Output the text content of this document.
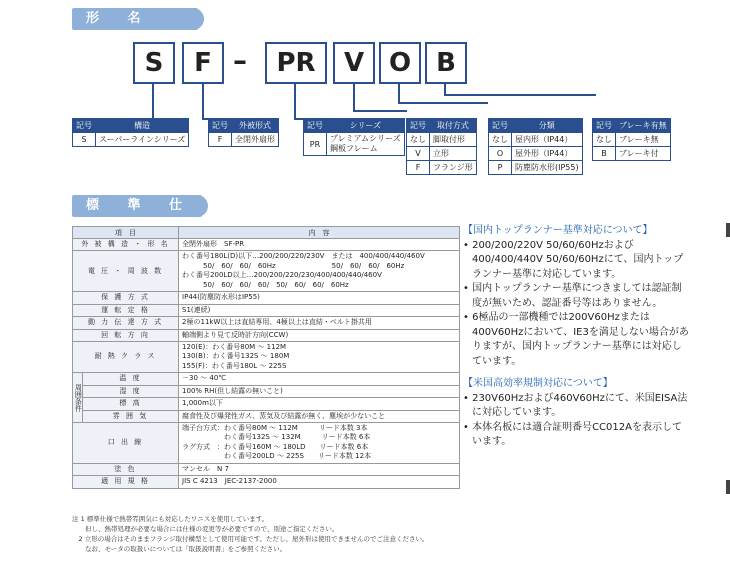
形 名
標 準 仕
S	F –	PR	V O B
記号	構造
S	スーパーラインシリーズ
記号	外被形式
F	全閉外扇形
記号	シリーズ
PR	プレミアムシリーズ
鋼板フレーム
記号	取付方式
なし	脚取付形
V	立形
F	フランジ形
記号	分類
なし	屋内形（IP44）
O	屋外形（IP44）
P	防塵防水形(IP55)
記号	ブレーキ有無
なし	ブレーキ無
B	ブレーキ付
項　目		内　容
外 被 構 造 ・ 形 名		全閉外扇形　SF-PR
電 圧 ・ 周 波 数		わく番号180L(D)以下…200/200/220/230V　または　400/400/440/460V
　　　50/　60/　60/　60Hz　　　　　　　　50/　60/　60/　60Hz
わく番号200LD以上…200/200/220/230/400/400/440/460V
　　　50/　60/　60/　60/　50/　60/　60/　60Hz
保 護 方 式		IP44(防塵防水形はIP55)
運 転 定 格		S1(連続)
動 力 伝 達 方 式		2極の11kW以上は直結専用、4極以上は直結・ベルト掛共用
回 転 方 向		軸端側より見て反時計方向(CCW)
耐 熱 ク ラ ス		120(E)：わく番号80M ～ 112M
130(B)：わく番号132S ～ 180M
155(F)：わく番号180L ～ 225S
周囲条件	温 度	－30 ～ 40℃
	湿 度	100% RH(但し結露の無いこと)
	標 高	1,000m以下
	雰 囲 気	腐食性及び爆発性ガス、蒸気及び結露が無く、塵埃が少ないこと
口 出 線		端子台方式：わく番号80M ～ 112M　　　リード本数 3本
　　　　　　わく番号132S ～ 132M　　　リード本数 6本
ラグ方式　：わく番号160M ～ 180LD　　リード本数 6本
　　　　　　わく番号200LD ～ 225S　　リード本数 12本
塗 色		マンセル　N 7
適 用 規 格		JIS C 4213　JEC-2137-2000
【国内トップランナー基準対応について】
• 200/200/220V 50/60/60Hzおよび400/400/440V 50/60/60Hzにて、国内トップランナー基準に対応しています。
• 国内トップランナー基準につきましては認証制度が無いため、認証番号等はありません。
• 6極品の一部機種では200V60Hzまたは400V60Hzにおいて、IE3を満足しない場合がありますが、国内トップランナー基準には対応しています。
【米国高効率規制対応について】
• 230V60Hzおよび460V60Hzにて、米国EISA法に対応しています。
• 本体名板には適合証明番号CC012Aを表示しています。
注 1 標準仕様で熱帯雰囲気にも対応したワニスを使用しています。
　　但し、熱帯処理が必要な場合には仕様の変更等が必要ですので、別途ご指定ください。
　2 立形の場合はそのままフランジ取付構型として使用可能です。ただし、屋外形は使用できませんのでご注意ください。
　　なお、モータの取扱いについては「取扱説明書」をご参照ください。
